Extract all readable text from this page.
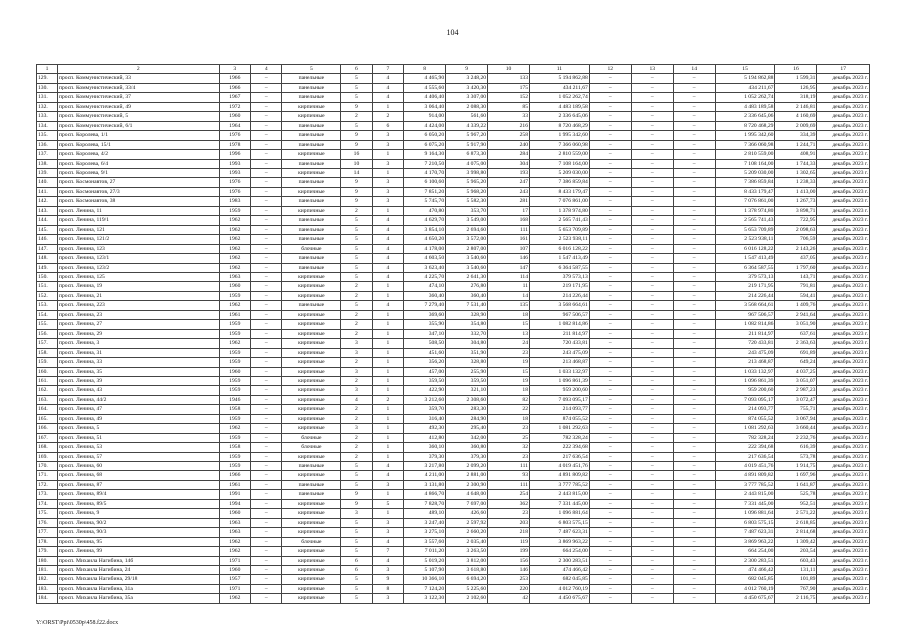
104
1	2	3	4	5	6	7	8	9	10	11	12	13	14	15	16	17
129.	просп. Коммунистический, 33	1966	–	панельные	5	4	4 465,90	3 248,20	133	5 194 862,88	–	–	–	5 194 862,88	1 599,31	декабрь 2023 г.
130.	просп. Коммунистический, 33/4	1966	–	панельные	5	4	4 555,60	3 420,30	175	434 211,67	–	–	–	434 211,67	126,95	декабрь 2023 г.
131.	просп. Коммунистический, 37	1967	–	панельные	5	4	4 406,40	3 307,00	152	1 052 262,74	–	–	–	1 052 262,74	318,19	декабрь 2023 г.
132.	просп. Коммунистический, 49	1972	–	кирпичные	9	1	3 064,40	2 088,30	85	4 483 189,58	–	–	–	4 483 189,58	2 146,81	декабрь 2023 г.
133.	просп. Коммунистический, 5	1960	–	кирпичные	2	2	914,00	561,60	33	2 336 645,06	–	–	–	2 336 645,06	4 160,69	декабрь 2023 г.
134.	просп. Коммунистический, 6/1	1964	–	панельные	5	6	4 424,00	4 339,22	216	8 720 468,29	–	–	–	8 720 468,29	2 009,69	декабрь 2023 г.
135.	просп. Королева, 1/1	1976	–	панельные	9	3	6 050,20	5 967,20	258	1 995 342,60	–	–	–	1 995 342,60	334,39	декабрь 2023 г.
136.	просп. Королева, 15/1	1978	–	панельные	9	3	6 075,20	5 917,90	240	7 366 060,98	–	–	–	7 366 060,98	1 244,71	декабрь 2023 г.
137.	просп. Королева, 4/2	1996	–	кирпичные	16	1	9 164,30	6 873,30	284	2 810 559,00	–	–	–	2 810 559,00	408,91	декабрь 2023 г.
138.	просп. Королева, 6/4	1993	–	панельные	10	3	7 210,50	4 075,00	304	7 108 164,00	–	–	–	7 108 164,00	1 744,33	декабрь 2023 г.
139.	просп. Королева, 9/1	1993	–	кирпичные	14	1	4 170,70	3 998,80	193	5 209 030,00	–	–	–	5 209 030,00	1 302,65	декабрь 2023 г.
140.	просп. Космонавтов, 27	1976	–	панельные	9	3	6 100,60	5 965,20	247	7 386 859,84	–	–	–	7 386 859,84	1 238,33	декабрь 2023 г.
141.	просп. Космонавтов, 27/3	1976	–	кирпичные	9	3	7 851,20	5 968,20	243	8 433 179,47	–	–	–	8 433 179,47	1 413,00	декабрь 2023 г.
142.	просп. Космонавтов, 38	1983	–	панельные	9	3	5 745,70	5 582,30	281	7 076 861,00	–	–	–	7 076 861,00	1 267,73	декабрь 2023 г.
143.	просп. Ленина, 11	1959	–	кирпичные	2	1	470,80	353,70	17	1 378 974,80	–	–	–	1 378 974,80	3 898,71	декабрь 2023 г.
144.	просп. Ленина, 119/1	1962	–	панельные	5	4	4 629,70	3 549,00	168	2 565 741,43	–	–	–	2 565 741,43	722,95	декабрь 2023 г.
145.	просп. Ленина, 121	1962	–	панельные	5	4	3 854,10	2 694,60	111	5 653 709,89	–	–	–	5 653 709,89	2 098,63	декабрь 2023 г.
146.	просп. Ленина, 121/2	1962	–	панельные	5	4	4 650,20	3 572,00	161	2 523 938,11	–	–	–	2 523 938,11	706,59	декабрь 2023 г.
147.	просп. Ленина, 123	1962	–	блочные	5	4	4 178,00	2 807,00	107	6 016 128,22	–	–	–	6 016 128,22	2 143,26	декабрь 2023 г.
148.	просп. Ленина, 123/1	1962	–	панельные	5	4	4 603,50	3 540,60	146	1 547 413,49	–	–	–	1 547 413,49	437,05	декабрь 2023 г.
149.	просп. Ленина, 123/2	1962	–	панельные	5	4	3 623,40	3 540,60	147	6 364 587,55	–	–	–	6 364 587,55	1 797,60	декабрь 2023 г.
150.	просп. Ленина, 125	1963	–	кирпичные	5	4	4 225,70	2 641,30	114	379 573,13	–	–	–	379 573,13	143,71	декабрь 2023 г.
151.	просп. Ленина, 19	1960	–	кирпичные	2	1	474,10	276,80	11	219 171,95	–	–	–	219 171,95	791,81	декабрь 2023 г.
152.	просп. Ленина, 21	1959	–	кирпичные	2	1	360,40	360,40	14	214 226,44	–	–	–	214 226,44	594,41	декабрь 2023 г.
153.	просп. Ленина, 223	1962	–	панельные	5	4	7 279,40	7 531,40	135	3 568 664,61	–	–	–	3 568 664,61	1 409,76	декабрь 2023 г.
154.	просп. Ленина, 23	1961	–	кирпичные	2	1	369,60	328,90	18	967 506,57	–	–	–	967 506,57	2 941,64	декабрь 2023 г.
155.	просп. Ленина, 27	1959	–	кирпичные	2	1	355,90	354,80	15	1 082 814,86	–	–	–	1 082 814,86	3 051,90	декабрь 2023 г.
156.	просп. Ленина, 29	1959	–	кирпичные	2	1	347,10	332,70	13	211 814,97	–	–	–	211 814,97	637,61	декабрь 2023 г.
157.	просп. Ленина, 3	1962	–	кирпичные	3	1	508,50	304,80	24	720 433,81	–	–	–	720 433,81	2 363,63	декабрь 2023 г.
158.	просп. Ленина, 31	1959	–	кирпичные	3	1	451,60	351,90	23	243 475,09	–	–	–	243 475,09	691,89	декабрь 2023 г.
159.	просп. Ленина, 33	1959	–	кирпичные	2	1	356,20	328,80	19	213 468,87	–	–	–	213 468,87	649,24	декабрь 2023 г.
160.	просп. Ленина, 35	1960	–	кирпичные	3	1	457,00	255,90	15	1 033 132,97	–	–	–	1 033 132,97	4 037,25	декабрь 2023 г.
161.	просп. Ленина, 39	1959	–	кирпичные	2	1	359,50	359,50	19	1 096 861,39	–	–	–	1 096 861,39	3 051,07	декабрь 2023 г.
162.	просп. Ленина, 43	1959	–	кирпичные	3	1	422,90	321,10	18	959 200,60	–	–	–	959 200,60	2 987,23	декабрь 2023 г.
163.	просп. Ленина, 44/2	1946	–	кирпичные	4	2	3 212,60	2 308,60	82	7 093 095,17	–	–	–	7 093 095,17	3 072,47	декабрь 2023 г.
164.	просп. Ленина, 47	1958	–	кирпичные	2	1	359,70	283,30	22	214 093,77	–	–	–	214 093,77	755,71	декабрь 2023 г.
165.	просп. Ленина, 49	1959	–	кирпичные	2	1	316,40	284,90	18	874 055,52	–	–	–	874 055,52	3 067,94	декабрь 2023 г.
166.	просп. Ленина, 5	1962	–	кирпичные	3	1	492,30	295,40	23	1 081 292,63	–	–	–	1 081 292,63	3 660,44	декабрь 2023 г.
167.	просп. Ленина, 51	1959	–	блочные	2	1	412,80	342,00	25	782 328,24	–	–	–	782 328,24	2 232,76	декабрь 2023 г.
168.	просп. Ленина, 53	1958	–	блочные	2	1	360,10	360,80	32	222 394,68	–	–	–	222 394,68	616,39	декабрь 2023 г.
169.	просп. Ленина, 57	1959	–	кирпичные	2	1	379,30	379,30	23	217 636,54	–	–	–	217 636,54	573,78	декабрь 2023 г.
170.	просп. Ленина, 60	1959	–	панельные	5	4	3 217,80	2 099,20	111	4 019 451,76	–	–	–	4 019 451,76	1 914,75	декабрь 2023 г.
171.	просп. Ленина, 68	1966	–	кирпичные	5	4	4 211,00	2 881,00	93	4 891 809,82	–	–	–	4 891 809,82	1 697,96	декабрь 2023 г.
172.	просп. Ленина, 87	1961	–	панельные	5	3	3 131,80	2 300,90	111	3 777 785,52	–	–	–	3 777 785,52	1 641,87	декабрь 2023 г.
173.	просп. Ленина, 89/4	1991	–	панельные	9	1	4 866,70	4 648,00	254	2 443 815,00	–	–	–	2 443 815,00	525,78	декабрь 2023 г.
174.	просп. Ленина, 89/5	1994	–	кирпичные	9	5	7 828,70	7 697,00	362	7 331 445,00	–	–	–	7 331 445,00	952,51	декабрь 2023 г.
175.	просп. Ленина, 9	1960	–	кирпичные	3	1	489,10	426,60	23	1 096 881,64	–	–	–	1 096 881,64	2 571,22	декабрь 2023 г.
176.	просп. Ленина, 90/2	1963	–	кирпичные	5	3	3 247,40	2 597,92	203	6 803 575,15	–	–	–	6 803 575,15	2 618,85	декабрь 2023 г.
177.	просп. Ленина, 90/3	1963	–	кирпичные	5	3	3 275,10	2 660,20	218	7 487 623,31	–	–	–	7 487 623,31	2 814,68	декабрь 2023 г.
178.	просп. Ленина, 95	1962	–	блочные	5	4	3 557,60	2 035,40	119	3 869 963,22	–	–	–	3 869 963,22	1 309,42	декабрь 2023 г.
179.	просп. Ленина, 99	1962	–	кирпичные	5	7	7 011,20	3 263,50	199	664 254,00	–	–	–	664 254,00	203,54	декабрь 2023 г.
180.	просп. Михаила Нагибина, 14б	1971	–	кирпичные	6	4	5 019,20	3 812,00	156	2 300 283,51	–	–	–	2 300 283,51	603,43	декабрь 2023 г.
181.	просп. Михаила Нагибина, 24	1960	–	кирпичные	6	3	5 107,90	3 618,80	146	474 466,42	–	–	–	474 466,42	131,11	декабрь 2023 г.
182.	просп. Михаила Нагибина, 29/18	1957	–	кирпичные	5	9	10 366,10	6 694,20	253	682 045,85	–	–	–	682 045,85	101,89	декабрь 2023 г.
183.	просп. Михаила Нагибина, 31а	1971	–	кирпичные	5	8	7 124,20	5 225,60	220	4 012 760,19	–	–	–	4 012 760,19	767,90	декабрь 2023 г.
184.	просп. Михаила Нагибина, 35а	1962	–	кирпичные	5	3	3 122,30	2 102,60	42	4 450 675,67	–	–	–	4 450 675,67	2 116,75	декабрь 2023 г.
Y:\ORST\Ppi\0530p\458.f22.docx
